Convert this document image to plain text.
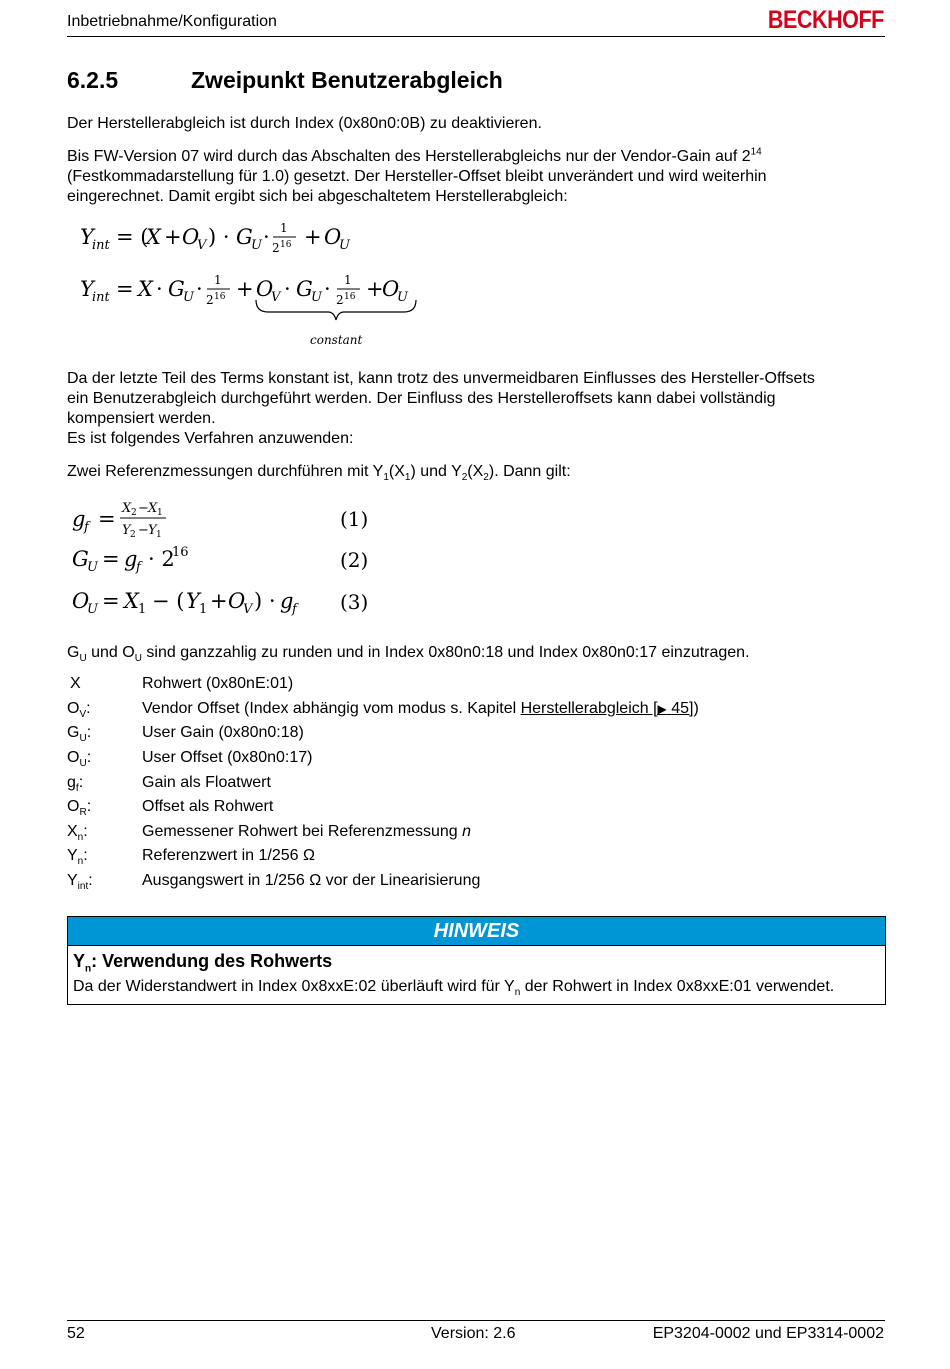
Inbetriebnahme/Konfiguration	BECKHOFF
6.2.5	Zweipunkt Benutzerabgleich
Der Herstellerabgleich ist durch Index (0x80n0:0B) zu deaktivieren.
Bis FW-Version 07 wird durch das Abschalten des Herstellerabgleichs nur der Vendor-Gain auf $2^{14}$
(Festkommadarstellung für 1.0) gesetzt. Der Hersteller-Offset bleibt unverändert und wird weiterhin
eingerechnet. Damit ergibt sich bei abgeschaltetem Herstellerabgleich:
Y
int = (
X + O
V ) · G
U · 1
2 16 + O
U
Y
int = X · G
U · 1
2 16 + O
V · G
U · 1
2 16 +
O
U
constant
Da der letzte Teil des Terms konstant ist, kann trotz des unvermeidbaren Einflusses des Hersteller-Offsets
ein Benutzerabgleich durchgeführt werden. Der Einfluss des Herstelleroffsets kann dabei vollständig
kompensiert werden.
Es ist folgendes Verfahren anzuwenden:
Zwei Referenzmessungen durchführen mit $Y_1(X_1)$ und $Y_2(X_2)$. Dann gilt:
g
f = X 2 − X 1
Y 2 − Y 1
G
U = g
f · 2
16
O
U = X 1 − ( Y 1 + O
V ) · g
f
(1)
(2)
(3)
$G_U$ und $O_U$ sind ganzzahlig zu runden und in Index 0x80n0:18 und Index 0x80n0:17 einzutragen.
X	Rohwert (0x80nE:01)
$O_V$:	Vendor Offset (Index abhängig vom modus s. Kapitel Herstellerabgleich [▶ 45])
$G_U$:	User Gain (0x80n0:18)
$O_U$:	User Offset (0x80n0:17)
$g_f$:	Gain als Floatwert
$O_R$:	Offset als Rohwert
$X_n$:	Gemessener Rohwert bei Referenzmessung n
$Y_n$:	Referenzwert in 1/256 Ω
$Y_{int}$:	Ausgangswert in 1/256 Ω vor der Linearisierung
HINWEIS
$Y_n$: Verwendung des Rohwerts
Da der Widerstandwert in Index 0x8xxE:02 überläuft wird für $Y_n$ der Rohwert in Index 0x8xxE:01 verwendet.
52	Version: 2.6	EP3204-0002 und EP3314-0002
